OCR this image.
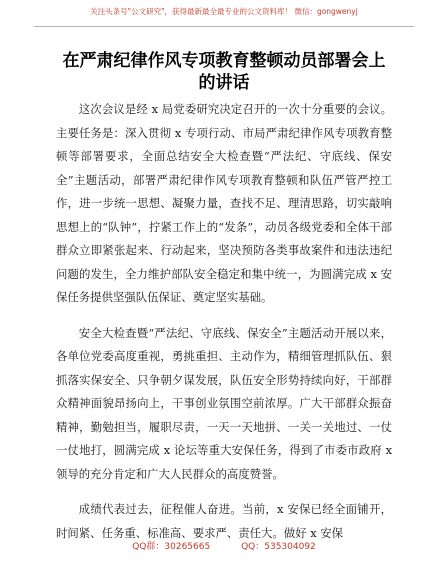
关注头条号"公文研究"，获得最新最全最专业的公文资料库！ 微信：gongwenyj
在严肃纪律作风专项教育整顿动员部署会上的讲话

这次会议是经 x 局党委研究决定召开的一次十分重要的会议。主要任务是：深入贯彻 x 专项行动、市局严肃纪律作风专项教育整顿等部署要求，全面总结安全大检查暨“严法纪、守底线、保安全”主题活动，部署严肃纪律作风专项教育整顿和队伍严管严控工作，进一步统一思想、凝聚力量，查找不足、理清思路，切实敲响思想上的“队钟”，拧紧工作上的“发条”，动员各级党委和全体干部群众立即紧张起来、行动起来，坚决预防各类事故案件和违法违纪问题的发生，全力维护部队安全稳定和集中统一，为圆满完成 x 安保任务提供坚强队伍保证、奠定坚实基础。

安全大检查暨“严法纪、守底线、保安全”主题活动开展以来，各单位党委高度重视，勇挑重担、主动作为，精细管理抓队伍、狠抓落实保安全、只争朝夕谋发展，队伍安全形势持续向好，干部群众精神面貌昂扬向上，干事创业氛围空前浓厚。广大干部群众振奋精神，勤勉担当，履职尽责，一天一天地拼、一关一关地过、一仗一仗地打，圆满完成 x 论坛等重大安保任务，得到了市委市政府 x 领导的充分肯定和广大人民群众的高度赞誉。

成绩代表过去，征程催人奋进。当前，x 安保已经全面铺开，时间紧、任务重、标准高、要求严、责任大。做好 x 安保

QQ群：30265665	QQ：535304092
